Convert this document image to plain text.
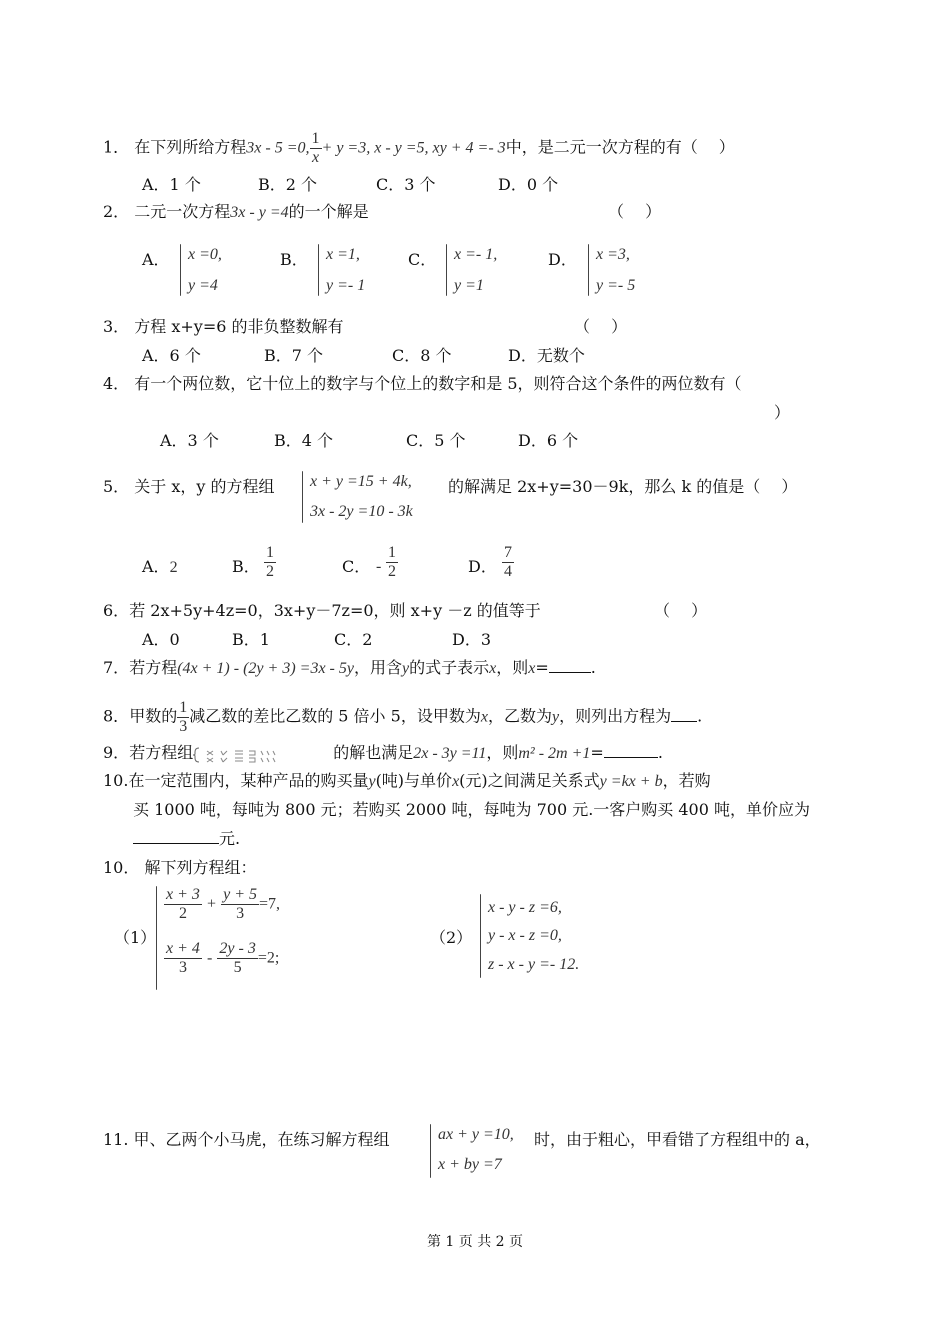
1． 在下列所给方程3x - 5 =0, $\frac{1}{x} + y =3$, x - y =5, xy + 4 =- 3中，是二元一次方程的有（　 ）
A．1 个	B．2 个	C．3 个	D．0 个
2． 二元一次方程3x - y =4的一个解是	（　 ）
A． x =0,
y =4
B． x =1,
y =- 1
C． x =- 1,
y =1
D． x =3,
y =- 5
3． 方程 x+y=6 的非负整数解有	（　 ）
A．6 个	B．7 个	C．8 个	D．无数个
4． 有一个两位数，它十位上的数字与个位上的数字和是 5，则符合这个条件的两位数有（
）
A．3 个	B．4 个	C．5 个	D．6 个
5． 关于 x，y 的方程组 x + y =15 + 4k,
3x - 2y =10 - 3k
的解满足 2x+y=30－9k，那么 k 的值是（　 ）
A．2	B． $\frac{1}{2}$	C． - $\frac{1}{2}$	D． $\frac{7}{4}$
6．若 2x+5y+4z=0，3x+y－7z=0，则 x+y －z 的值等于	（　 ）
A．0	B．1	C．2	D．3
7．若方程(4x + 1) - (2y + 3) =3x - 5y，用含y的式子表示x，则x=	.
8．甲数的 $\frac{1}{3}$ 减乙数的差比乙数的 5 倍小 5，设甲数为x，乙数为y，则列出方程为 .
9．若方程组	的解也满足2x - 3y =11，则m² - 2m +1=	.
10.在一定范围内，某种产品的购买量y(吨)与单价x(元)之间满足关系式y =kx + b，若购
买 1000 吨，每吨为 800 元；若购买 2000 吨，每吨为 700 元.一客户购买 400 吨，单价应为
元.
10． 解下列方程组：
（1）
$\frac{x + 3}{2} + \frac{y + 5}{3} =7$,
$\frac{x + 4}{3} - \frac{2y - 3}{5} =2$;
（2）
x - y - z =6,
y - x - z =0,
z - x - y =- 12.
11. 甲、乙两个小马虎，在练习解方程组	ax + y =10,
x + by =7
时，由于粗心，甲看错了方程组中的 a，
第 1 页 共 2 页
